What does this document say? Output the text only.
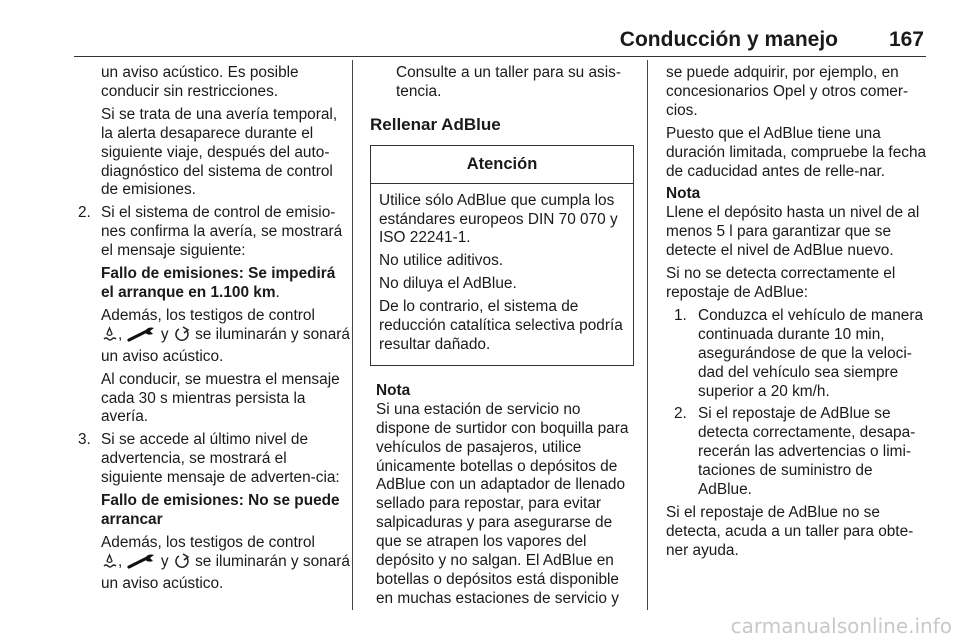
Conducción y manejo 167

un aviso acústico. Es posible conducir sin restricciones.

Si se trata de una avería temporal, la alerta desaparece durante el siguiente viaje, después del auto-diagnóstico del sistema de control de emisiones.

2. Si el sistema de control de emisio-nes confirma la avería, se mostrará el mensaje siguiente:

Fallo de emisiones: Se impedirá el arranque en 1.100 km.

Además, los testigos de control

,	y se iluminarán y sonará un aviso acústico.

Al conducir, se muestra el mensaje cada 30 s mientras persista la avería.

3. Si se accede al último nivel de advertencia, se mostrará el siguiente mensaje de adverten-cia:

Fallo de emisiones: No se puede arrancar

Además, los testigos de control

,	y se iluminarán y sonará un aviso acústico.

Consulte a un taller para su asis-tencia.

Rellenar AdBlue
Atención

Utilice sólo AdBlue que cumpla los estándares europeos DIN 70 070 y ISO 22241-1.

No utilice aditivos.

No diluya el AdBlue.

De lo contrario, el sistema de reducción catalítica selectiva podría resultar dañado.

Nota
Si una estación de servicio no dispone de surtidor con boquilla para vehículos de pasajeros, utilice únicamente botellas o depósitos de AdBlue con un adaptador de llenado sellado para repostar, para evitar salpicaduras y para asegurarse de que se atrapen los vapores del depósito y no salgan. El AdBlue en botellas o depósitos está disponible en muchas estaciones de servicio y

se puede adquirir, por ejemplo, en concesionarios Opel y otros comer-cios.

Puesto que el AdBlue tiene una duración limitada, compruebe la fecha de caducidad antes de relle-nar.

Nota

Llene el depósito hasta un nivel de al menos 5 l para garantizar que se detecte el nivel de AdBlue nuevo.

Si no se detecta correctamente el repostaje de AdBlue:

1. Conduzca el vehículo de manera continuada durante 10 min, asegurándose de que la veloci-dad del vehículo sea siempre superior a 20 km/h.
2. Si el repostaje de AdBlue se detecta correctamente, desapa-recerán las advertencias o limi-taciones de suministro de AdBlue.

Si el repostaje de AdBlue no se detecta, acuda a un taller para obte-ner ayuda.

carmanualsonline.info
